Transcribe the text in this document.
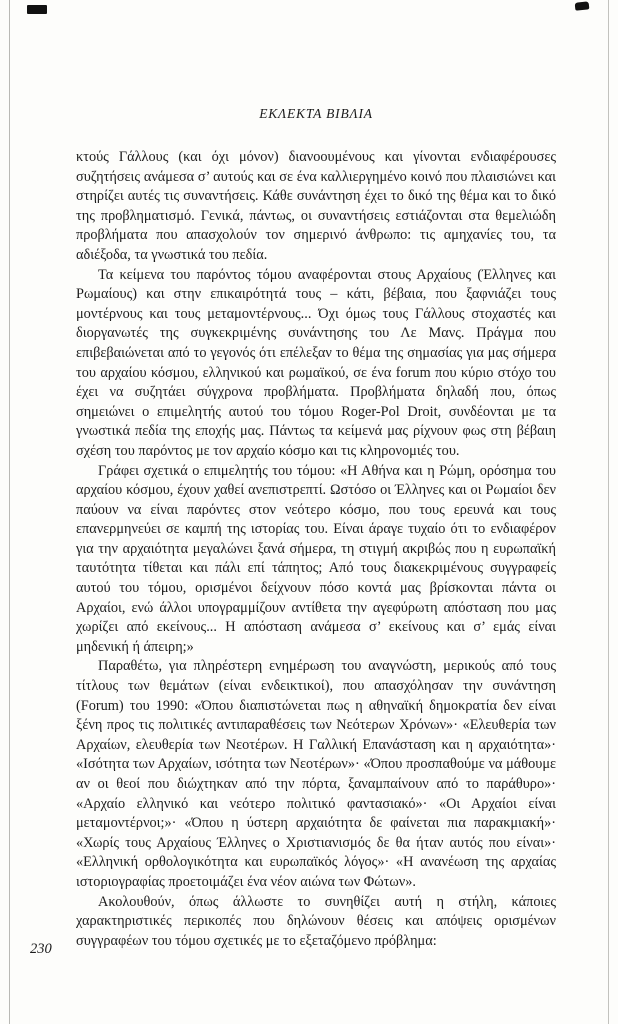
ΕΚΛΕΚΤΑ ΒΙΒΛΙΑ

κτούς Γάλλους (και όχι μόνον) διανοουμένους και γίνονται ενδιαφέρουσες συζητήσεις ανάμεσα σ’ αυτούς και σε ένα καλλιεργημένο κοινό που πλαισιώνει και στηρίζει αυτές τις συναντήσεις. Κάθε συνάντηση έχει το δικό της θέμα και το δικό της προβληματισμό. Γενικά, πάντως, οι συναντήσεις εστιάζονται στα θεμελιώδη προβλήματα που απασχολούν τον σημερινό άνθρωπο: τις αμηχανίες του, τα αδιέξοδα, τα γνωστικά του πεδία.

Τα κείμενα του παρόντος τόμου αναφέρονται στους Αρχαίους (Έλληνες και Ρωμαίους) και στην επικαιρότητά τους – κάτι, βέβαια, που ξαφνιάζει τους μοντέρνους και τους μεταμοντέρνους... Όχι όμως τους Γάλλους στοχαστές και διοργανωτές της συγκεκριμένης συνάντησης του Λε Μανς. Πράγμα που επιβεβαιώνεται από το γεγονός ότι επέλεξαν το θέμα της σημασίας για μας σήμερα του αρχαίου κόσμου, ελληνικού και ρωμαϊκού, σε ένα forum που κύριο στόχο του έχει να συζητάει σύγχρονα προβλήματα. Προβλήματα δηλαδή που, όπως σημειώνει ο επιμελητής αυτού του τόμου Roger-Pol Droit, συνδέονται με τα γνωστικά πεδία της εποχής μας. Πάντως τα κείμενά μας ρίχνουν φως στη βέβαιη σχέση του παρόντος με τον αρχαίο κόσμο και τις κληρονομιές του.

Γράφει σχετικά ο επιμελητής του τόμου: «Η Αθήνα και η Ρώμη, ορόσημα του αρχαίου κόσμου, έχουν χαθεί ανεπιστρεπτί. Ωστόσο οι Έλληνες και οι Ρωμαίοι δεν παύουν να είναι παρόντες στον νεότερο κόσμο, που τους ερευνά και τους επανερμηνεύει σε καμπή της ιστορίας του. Είναι άραγε τυχαίο ότι το ενδιαφέρον για την αρχαιότητα μεγαλώνει ξανά σήμερα, τη στιγμή ακριβώς που η ευρωπαϊκή ταυτότητα τίθεται και πάλι επί τάπητος; Από τους διακεκριμένους συγγραφείς αυτού του τόμου, ορισμένοι δείχνουν πόσο κοντά μας βρίσκονται πάντα οι Αρχαίοι, ενώ άλλοι υπογραμμίζουν αντίθετα την αγεφύρωτη απόσταση που μας χωρίζει από εκείνους... Η απόσταση ανάμεσα σ’ εκείνους και σ’ εμάς είναι μηδενική ή άπειρη;»

Παραθέτω, για πληρέστερη ενημέρωση του αναγνώστη, μερικούς από τους τίτλους των θεμάτων (είναι ενδεικτικοί), που απασχόλησαν την συνάντηση (Forum) του 1990: «Όπου διαπιστώνεται πως η αθηναϊκή δημοκρατία δεν είναι ξένη προς τις πολιτικές αντιπαραθέσεις των Νεότερων Χρόνων»· «Ελευθερία των Αρχαίων, ελευθερία των Νεοτέρων. Η Γαλλική Επανάσταση και η αρχαιότητα»· «Ισότητα των Αρχαίων, ισότητα των Νεοτέρων»· «Όπου προσπαθούμε να μάθουμε αν οι θεοί που διώχτηκαν από την πόρτα, ξαναμπαίνουν από το παράθυρο»· «Αρχαίο ελληνικό και νεότερο πολιτικό φαντασιακό»· «Οι Αρχαίοι είναι μεταμοντέρνοι;»· «Όπου η ύστερη αρχαιότητα δε φαίνεται πια παρακμιακή»· «Χωρίς τους Αρχαίους Έλληνες ο Χριστιανισμός δε θα ήταν αυτός που είναι»· «Ελληνική ορθολογικότητα και ευρωπαϊκός λόγος»· «Η ανανέωση της αρχαίας ιστοριογραφίας προετοιμάζει ένα νέον αιώνα των Φώτων».

Ακολουθούν, όπως άλλωστε το συνηθίζει αυτή η στήλη, κάποιες χαρακτηριστικές περικοπές που δηλώνουν θέσεις και απόψεις ορισμένων συγγραφέων του τόμου σχετικές με το εξεταζόμενο πρόβλημα:

230
